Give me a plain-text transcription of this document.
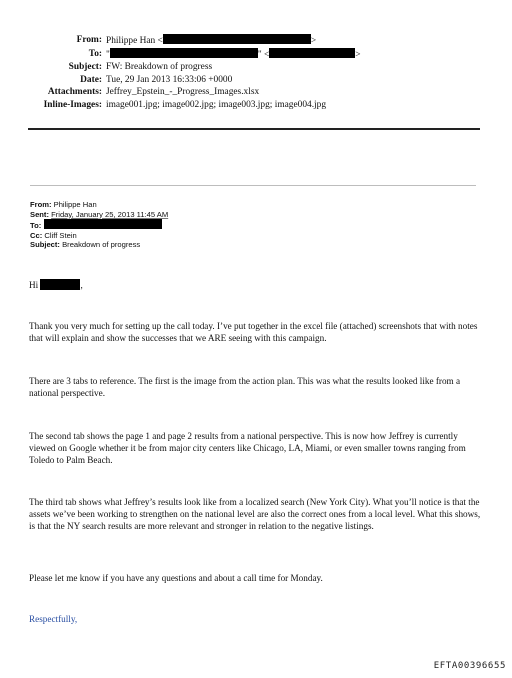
From: Philippe Han <	>
To: "	" <	>
Subject: FW: Breakdown of progress
Date: Tue, 29 Jan 2013 16:33:06 +0000
Attachments: Jeffrey_Epstein_-_Progress_Images.xlsx
Inline-Images: image001.jpg; image002.jpg; image003.jpg; image004.jpg
From: Philippe Han
Sent: Friday, January 25, 2013 11:45 AM
To:
Cc: Cliff Stein
Subject: Breakdown of progress
Hi	,

Thank you very much for setting up the call today. I’ve put together in the excel file (attached) screenshots that with notes that will explain and show the successes that we ARE seeing with this campaign.

There are 3 tabs to reference. The first is the image from the action plan. This was what the results looked like from a national perspective.

The second tab shows the page 1 and page 2 results from a national perspective. This is now how Jeffrey is currently viewed on Google whether it be from major city centers like Chicago, LA, Miami, or even smaller towns ranging from Toledo to Palm Beach.

The third tab shows what Jeffrey’s results look like from a localized search (New York City). What you’ll notice is that the assets we’ve been working to strengthen on the national level are also the correct ones from a local level. What this shows, is that the NY search results are more relevant and stronger in relation to the negative listings.

Please let me know if you have any questions and about a call time for Monday.

Respectfully,

EFTA00396655
